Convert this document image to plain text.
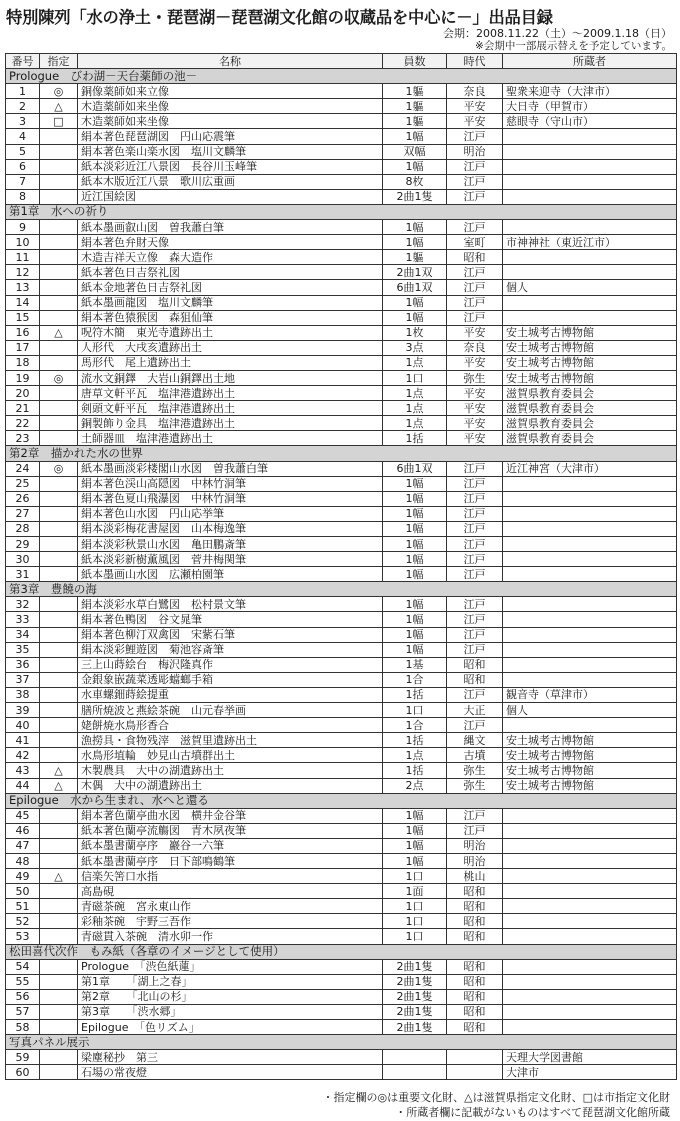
特別陳列「水の浄土・琵琶湖－琵琶湖文化館の収蔵品を中心に－」出品目録
会期：2008.11.22（土）～2009.1.18（日）
※会期中一部展示替えを予定しています。
番号	指定	名称	員数	時代	所蔵者
Prologue　びわ湖－天台薬師の池－					
1	◎	銅像薬師如来立像	1軀	奈良	聖衆来迎寺（大津市）
2	△	木造薬師如来坐像	1軀	平安	大日寺（甲賀市）
3	□	木造薬師如来坐像	1軀	平安	慈眼寺（守山市）
4		絹本著色琵琶湖図　円山応震筆	1幅	江戸	
5		絹本著色楽山楽水図　塩川文麟筆	双幅	明治	
6		紙本淡彩近江八景図　長谷川玉峰筆	1幅	江戸	
7		紙本木版近江八景　歌川広重画	8枚	江戸	
8		近江国絵図	2曲1隻	江戸	
第1章　水への祈り					
9		紙本墨画叡山図　曽我蕭白筆	1幅	江戸	
10		絹本著色弁財天像	1幅	室町	市神神社（東近江市）
11		木造吉祥天立像　森大造作	1軀	昭和	
12		紙本著色日吉祭礼図	2曲1双	江戸	
13		紙本金地著色日吉祭礼図	6曲1双	江戸	個人
14		紙本墨画龍図　塩川文麟筆	1幅	江戸	
15		絹本著色猿猴図　森狙仙筆	1幅	江戸	
16	△	呪符木簡　東光寺遺跡出土	1枚	平安	安土城考古博物館
17		人形代　大戌亥遺跡出土	3点	奈良	安土城考古博物館
18		馬形代　尾上遺跡出土	1点	平安	安土城考古博物館
19	◎	流水文銅鐸　大岩山銅鐸出土地	1口	弥生	安土城考古博物館
20		唐草文軒平瓦　塩津港遺跡出土	1点	平安	滋賀県教育委員会
21		剣頭文軒平瓦　塩津港遺跡出土	1点	平安	滋賀県教育委員会
22		銅製飾り金具　塩津港遺跡出土	1点	平安	滋賀県教育委員会
23		土師器皿　塩津港遺跡出土	1括	平安	滋賀県教育委員会
第2章　描かれた水の世界					
24	◎	紙本墨画淡彩楼閣山水図　曽我蕭白筆	6曲1双	江戸	近江神宮（大津市）
25		絹本著色渓山高隠図　中林竹洞筆	1幅	江戸	
26		絹本著色夏山飛瀑図　中林竹洞筆	1幅	江戸	
27		絹本著色山水図　円山応挙筆	1幅	江戸	
28		絹本淡彩梅花書屋図　山本梅逸筆	1幅	江戸	
29		絹本淡彩秋景山水図　亀田鵬斎筆	1幅	江戸	
30		紙本淡彩新樹薫風図　菅井梅関筆	1幅	江戸	
31		紙本墨画山水図　広瀬柏園筆	1幅	江戸	
第3章　豊饒の海					
32		絹本淡彩水草白鷺図　松村景文筆	1幅	江戸	
33		絹本著色鴨図　谷文晁筆	1幅	江戸	
34		絹本著色柳汀双禽図　宋紫石筆	1幅	江戸	
35		絹本淡彩鯉遊図　菊池容斎筆	1幅	江戸	
36		三上山蒔絵台　梅沢隆真作	1基	昭和	
37		金銀象嵌蔬菜透彫蟷螂手箱	1合	昭和	
38		水車螺鈿蒔絵提重	1括	江戸	観音寺（草津市）
39		膳所焼波と燕絵茶碗　山元春挙画	1口	大正	個人
40		姥餅焼水鳥形香合	1合	江戸	
41		漁撈具・食物残滓　滋賀里遺跡出土	1括	縄文	安土城考古博物館
42		水鳥形埴輪　妙見山古墳群出土	1点	古墳	安土城考古博物館
43	△	木製農具　大中の湖遺跡出土	1括	弥生	安土城考古博物館
44	△	木偶　大中の湖遺跡出土	2点	弥生	安土城考古博物館
Epilogue　水から生まれ、水へと還る					
45		絹本著色蘭亭曲水図　横井金谷筆	1幅	江戸	
46		紙本著色蘭亭流觴図　青木夙夜筆	1幅	江戸	
47		紙本墨書蘭亭序　巖谷一六筆	1幅	明治	
48		紙本墨書蘭亭序　日下部鳴鶴筆	1幅	明治	
49	△	信楽矢筈口水指	1口	桃山	
50		高島硯	1面	昭和	
51		青磁茶碗　宮永東山作	1口	昭和	
52		彩釉茶碗　宇野三吾作	1口	昭和	
53		青磁貫入茶碗　清水卯一作	1口	昭和	
松田喜代次作　もみ紙（各章のイメージとして使用）					
54		Prologue　「渋色紙蓮」	2曲1隻	昭和	
55		第1章　　「湖上之春」	2曲1隻	昭和	
56		第2章　　「北山の杉」	2曲1隻	昭和	
57		第3章　　「渋水郷」	2曲1隻	昭和	
58		Epilogue　「色リズム」	2曲1隻	昭和	
写真パネル展示					
59		梁塵秘抄　第三			天理大学図書館
60		石場の常夜燈			大津市
・指定欄の◎は重要文化財、△は滋賀県指定文化財、□は市指定文化財
・所蔵者欄に記載がないものはすべて琵琶湖文化館所蔵
